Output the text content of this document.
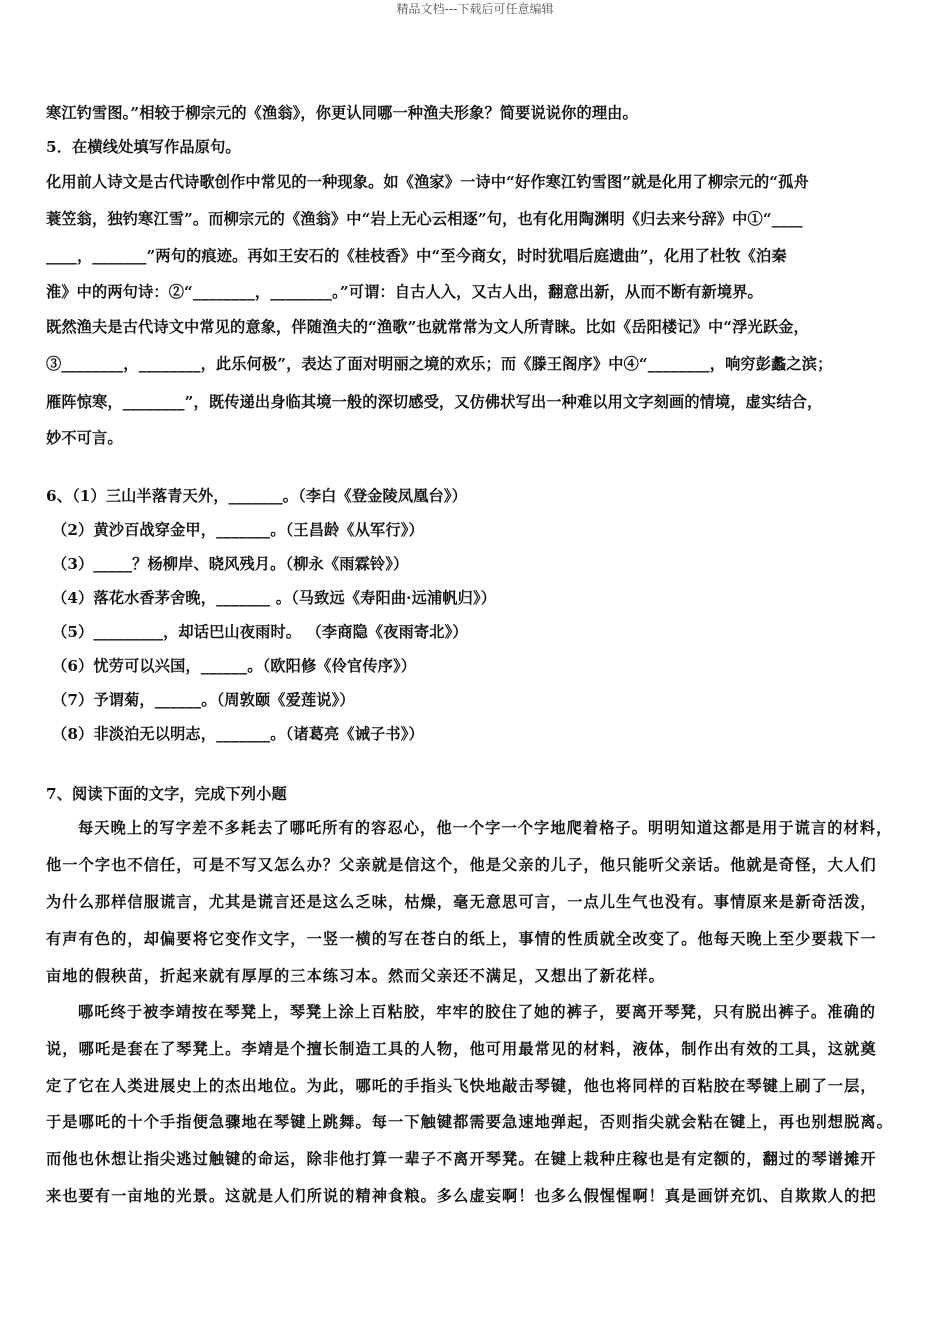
精品文档---下载后可任意编辑
寒江钓雪图。”相较于柳宗元的《渔翁》，你更认同哪一种渔夫形象？简要说说你的理由。
5．在横线处填写作品原句。
化用前人诗文是古代诗歌创作中常见的一种现象。如《渔家》一诗中“好作寒江钓雪图”就是化用了柳宗元的“孤舟
蓑笠翁，独钓寒江雪”。而柳宗元的《渔翁》中“岩上无心云相逐”句，也有化用陶渊明《归去来兮辞》中①“____
____，_______”两句的痕迹。再如王安石的《桂枝香》中“至今商女，时时犹唱后庭遗曲”，化用了杜牧《泊秦
淮》中的两句诗：②“________，________。”可谓：自古人入，又古人出，翻意出新，从而不断有新境界。
既然渔夫是古代诗文中常见的意象，伴随渔夫的“渔歌”也就常常为文人所青睐。比如《岳阳楼记》中“浮光跃金，
③________，________，此乐何极”，表达了面对明丽之境的欢乐；而《滕王阁序》中④“________，响穷彭蠡之滨；
雁阵惊寒，________”，既传递出身临其境一般的深切感受，又仿佛状写出一种难以用文字刻画的情境，虚实结合，
妙不可言。
6、（1）三山半落青天外，_______。（李白《登金陵凤凰台》）
（2）黄沙百战穿金甲，_______。（王昌龄《从军行》）
（3）_____？杨柳岸、晓风残月。（柳永《雨霖铃》）
（4）落花水香茅舍晚，_______ 。（马致远《寿阳曲·远浦帆归》）
（5）_________，却话巴山夜雨时。 （李商隐《夜雨寄北》）
（6）忧劳可以兴国，______。（欧阳修《伶官传序》）
（7）予谓菊，______。（周敦颐《爱莲说》）
（8）非淡泊无以明志，_______。（诸葛亮《诫子书》）
7、阅读下面的文字，完成下列小题
每天晚上的写字差不多耗去了哪吒所有的容忍心，他一个字一个字地爬着格子。明明知道这都是用于谎言的材料，
他一个字也不信任，可是不写又怎么办？父亲就是信这个，他是父亲的儿子，他只能听父亲话。他就是奇怪，大人们
为什么那样信服谎言，尤其是谎言还是这么乏味，枯燥，毫无意思可言，一点儿生气也没有。事情原来是新奇活泼，
有声有色的，却偏要将它变作文字，一竖一横的写在苍白的纸上，事情的性质就全改变了。他每天晚上至少要栽下一
亩地的假秧苗，折起来就有厚厚的三本练习本。然而父亲还不满足，又想出了新花样。
哪吒终于被李靖按在琴凳上，琴凳上涂上百粘胶，牢牢的胶住了她的裤子，要离开琴凳，只有脱出裤子。准确的
说，哪吒是套在了琴凳上。李靖是个擅长制造工具的人物，他可用最常见的材料，液体，制作出有效的工具，这就奠
定了它在人类进展史上的杰出地位。为此，哪吒的手指头飞快地敲击琴键，他也将同样的百粘胶在琴键上刷了一层，
于是哪吒的十个手指便急骤地在琴键上跳舞。每一下触键都需要急速地弹起，否则指尖就会粘在键上，再也别想脱离。
而他也休想让指尖逃过触键的命运，除非他打算一辈子不离开琴凳。在键上栽种庄稼也是有定额的，翻过的琴谱摊开
来也要有一亩地的光景。这就是人们所说的精神食粮。多么虚妄啊！也多么假惺惺啊！真是画饼充饥、自欺欺人的把
